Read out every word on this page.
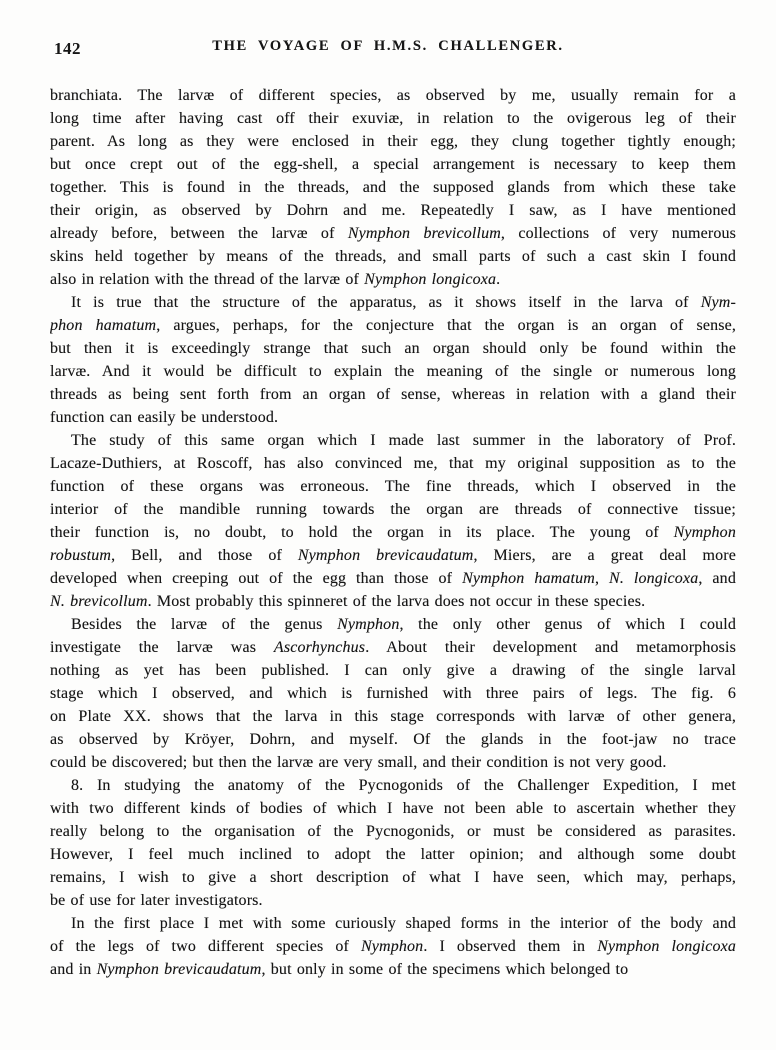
142	THE VOYAGE OF H.M.S. CHALLENGER.
branchiata. The larvæ of different species, as observed by me, usually remain for a
long time after having cast off their exuviæ, in relation to the ovigerous leg of their
parent. As long as they were enclosed in their egg, they clung together tightly enough;
but once crept out of the egg-shell, a special arrangement is necessary to keep them
together. This is found in the threads, and the supposed glands from which these take
their origin, as observed by Dohrn and me. Repeatedly I saw, as I have mentioned
already before, between the larvæ of Nymphon brevicollum, collections of very numerous
skins held together by means of the threads, and small parts of such a cast skin I found
also in relation with the thread of the larvæ of Nymphon longicoxa.
It is true that the structure of the apparatus, as it shows itself in the larva of Nym-
phon hamatum, argues, perhaps, for the conjecture that the organ is an organ of sense,
but then it is exceedingly strange that such an organ should only be found within the
larvæ. And it would be difficult to explain the meaning of the single or numerous long
threads as being sent forth from an organ of sense, whereas in relation with a gland their
function can easily be understood.
The study of this same organ which I made last summer in the laboratory of Prof.
Lacaze-Duthiers, at Roscoff, has also convinced me, that my original supposition as to the
function of these organs was erroneous. The fine threads, which I observed in the
interior of the mandible running towards the organ are threads of connective tissue;
their function is, no doubt, to hold the organ in its place. The young of Nymphon
robustum, Bell, and those of Nymphon brevicaudatum, Miers, are a great deal more
developed when creeping out of the egg than those of Nymphon hamatum, N. longicoxa, and
N. brevicollum. Most probably this spinneret of the larva does not occur in these species.
Besides the larvæ of the genus Nymphon, the only other genus of which I could
investigate the larvæ was Ascorhynchus. About their development and metamorphosis
nothing as yet has been published. I can only give a drawing of the single larval
stage which I observed, and which is furnished with three pairs of legs. The fig. 6
on Plate XX. shows that the larva in this stage corresponds with larvæ of other genera,
as observed by Kröyer, Dohrn, and myself. Of the glands in the foot-jaw no trace
could be discovered; but then the larvæ are very small, and their condition is not very good.
8. In studying the anatomy of the Pycnogonids of the Challenger Expedition, I met
with two different kinds of bodies of which I have not been able to ascertain whether they
really belong to the organisation of the Pycnogonids, or must be considered as parasites.
However, I feel much inclined to adopt the latter opinion; and although some doubt
remains, I wish to give a short description of what I have seen, which may, perhaps,
be of use for later investigators.
In the first place I met with some curiously shaped forms in the interior of the body and
of the legs of two different species of Nymphon. I observed them in Nymphon longicoxa
and in Nymphon brevicaudatum, but only in some of the specimens which belonged to
